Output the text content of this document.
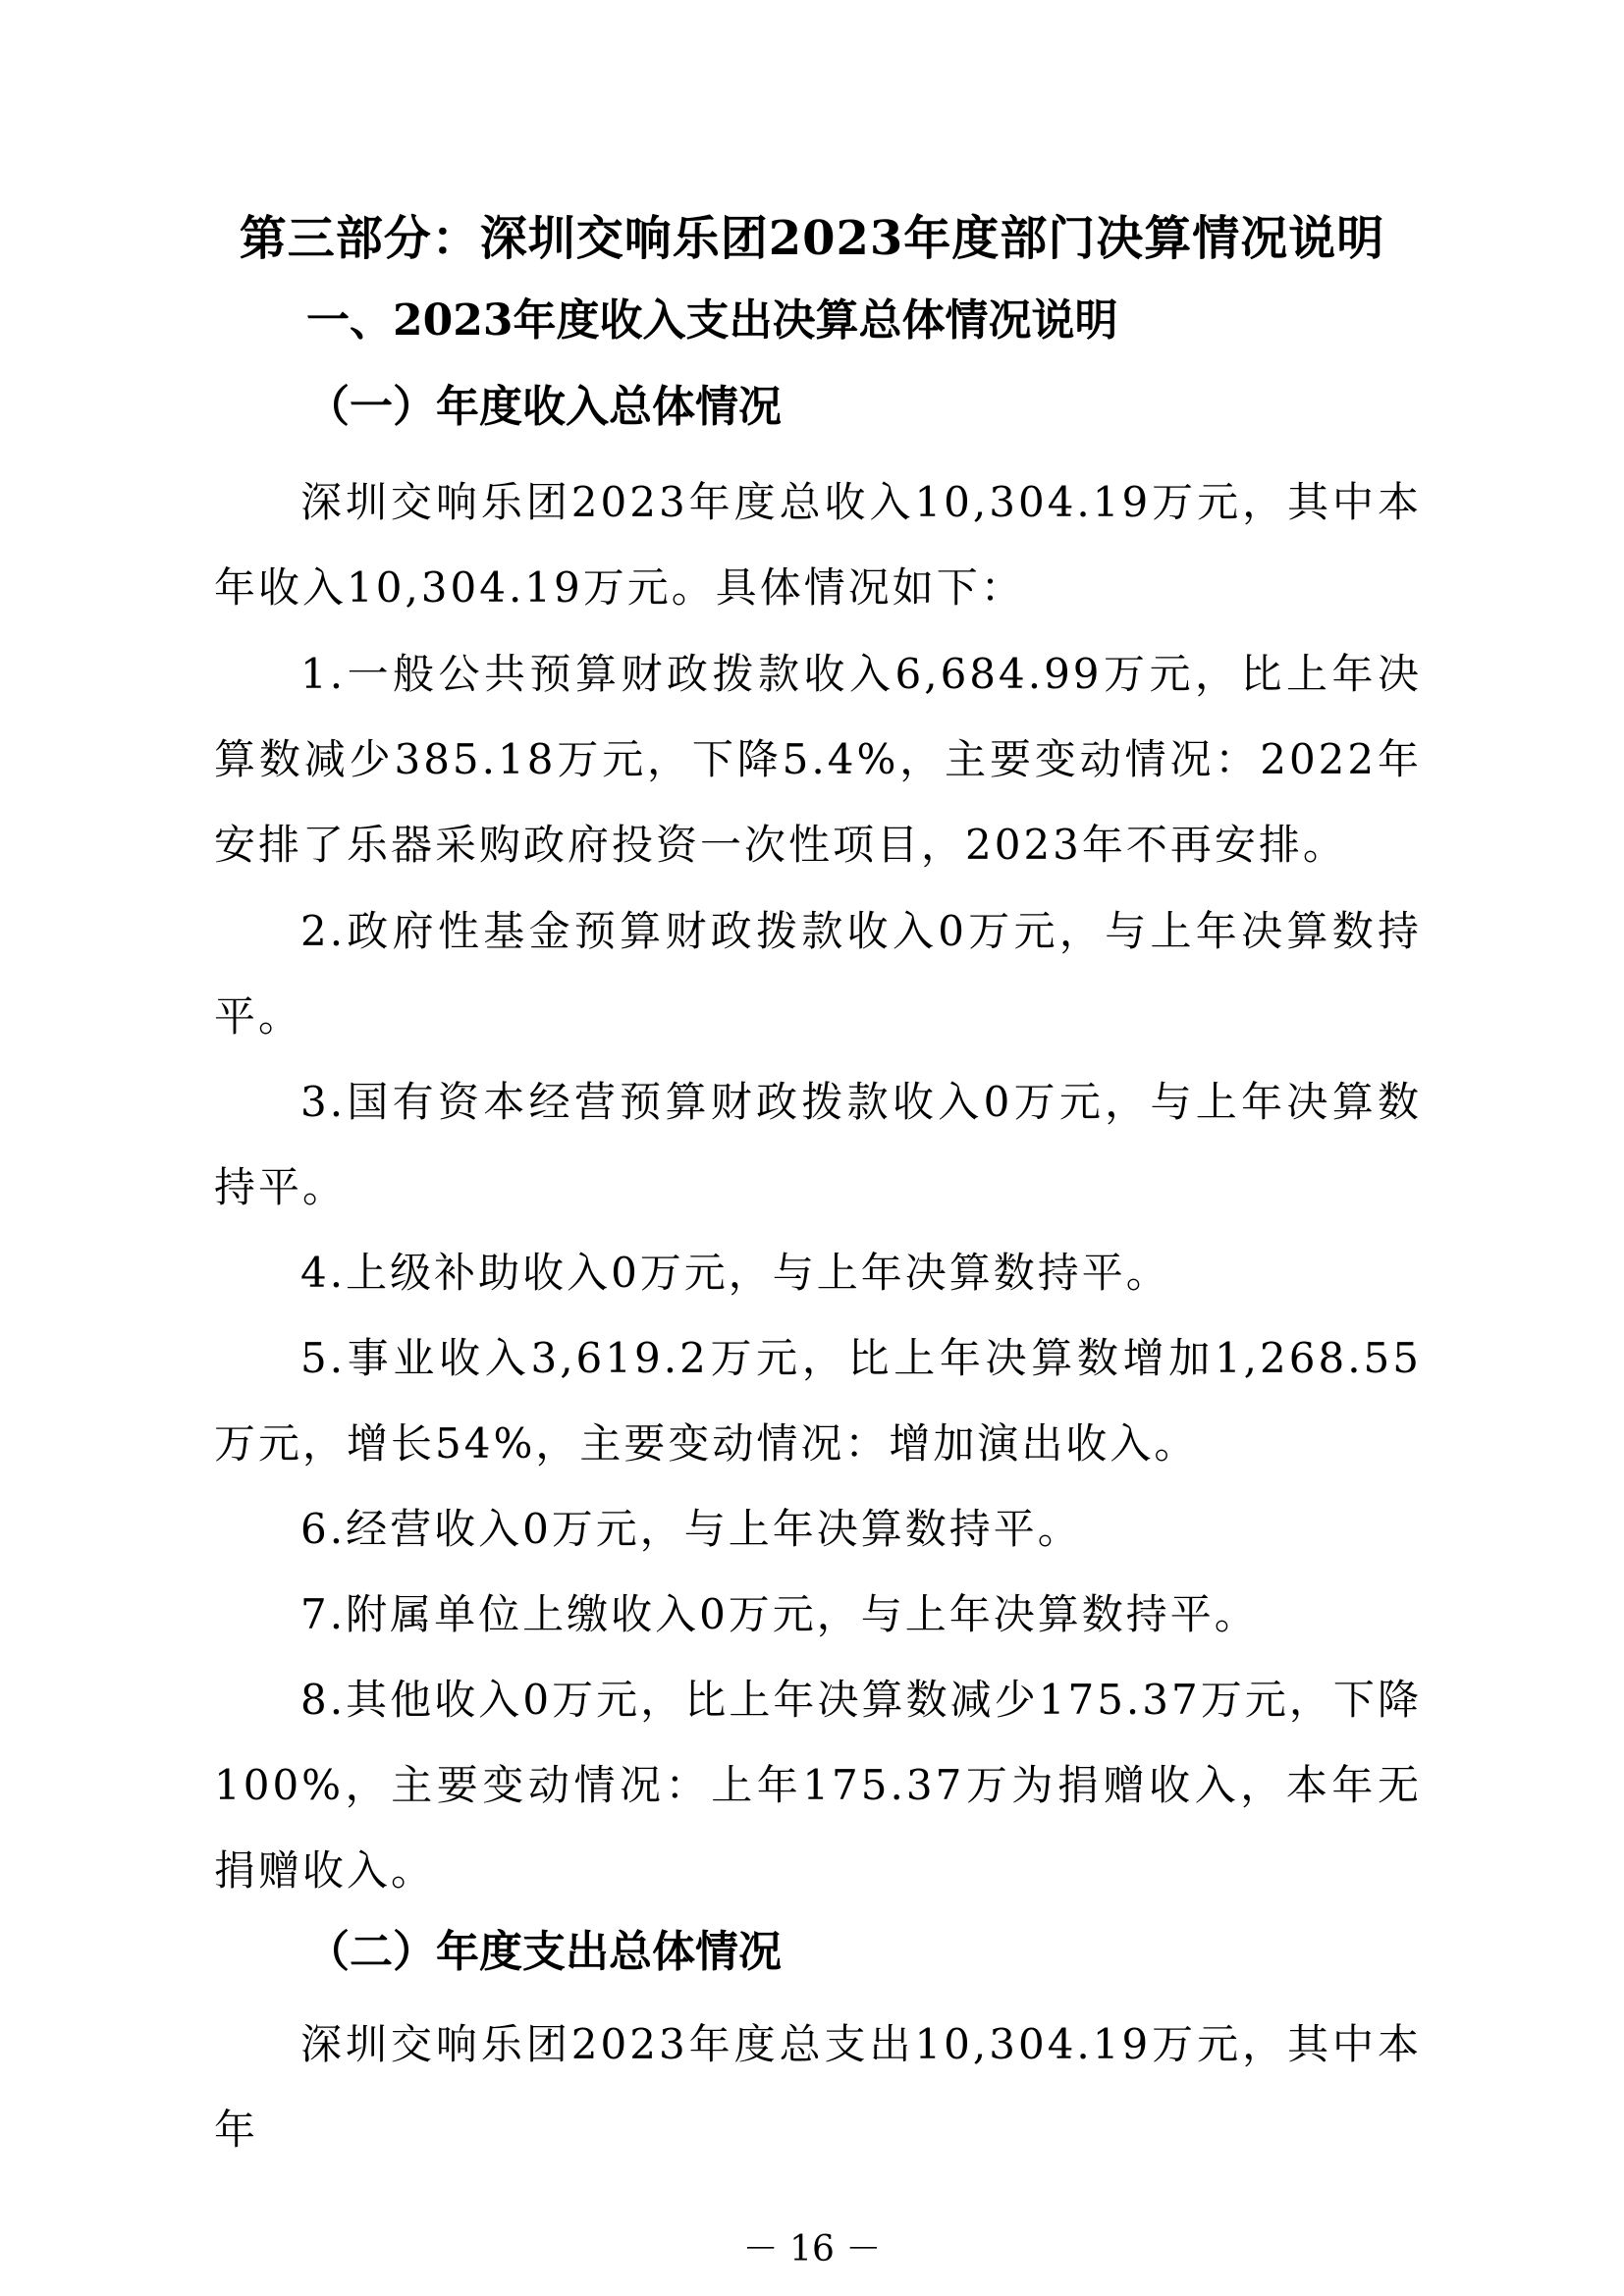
第三部分：深圳交响乐团2023年度部门决算情况说明
一、2023年度收入支出决算总体情况说明
（一）年度收入总体情况

深圳交响乐团2023年度总收入10,304.19万元，其中本年收入10,304.19万元。具体情况如下：

1.一般公共预算财政拨款收入6,684.99万元，比上年决算数减少385.18万元，下降5.4%，主要变动情况：2022年安排了乐器采购政府投资一次性项目，2023年不再安排。

2.政府性基金预算财政拨款收入0万元，与上年决算数持平。

3.国有资本经营预算财政拨款收入0万元，与上年决算数持平。

4.上级补助收入0万元，与上年决算数持平。

5.事业收入3,619.2万元，比上年决算数增加1,268.55万元，增长54%，主要变动情况：增加演出收入。

6.经营收入0万元，与上年决算数持平。

7.附属单位上缴收入0万元，与上年决算数持平。

8.其他收入0万元，比上年决算数减少175.37万元，下降100%，主要变动情况：上年175.37万为捐赠收入，本年无捐赠收入。

（二）年度支出总体情况

深圳交响乐团2023年度总支出10,304.19万元，其中本年

－ 16 －
